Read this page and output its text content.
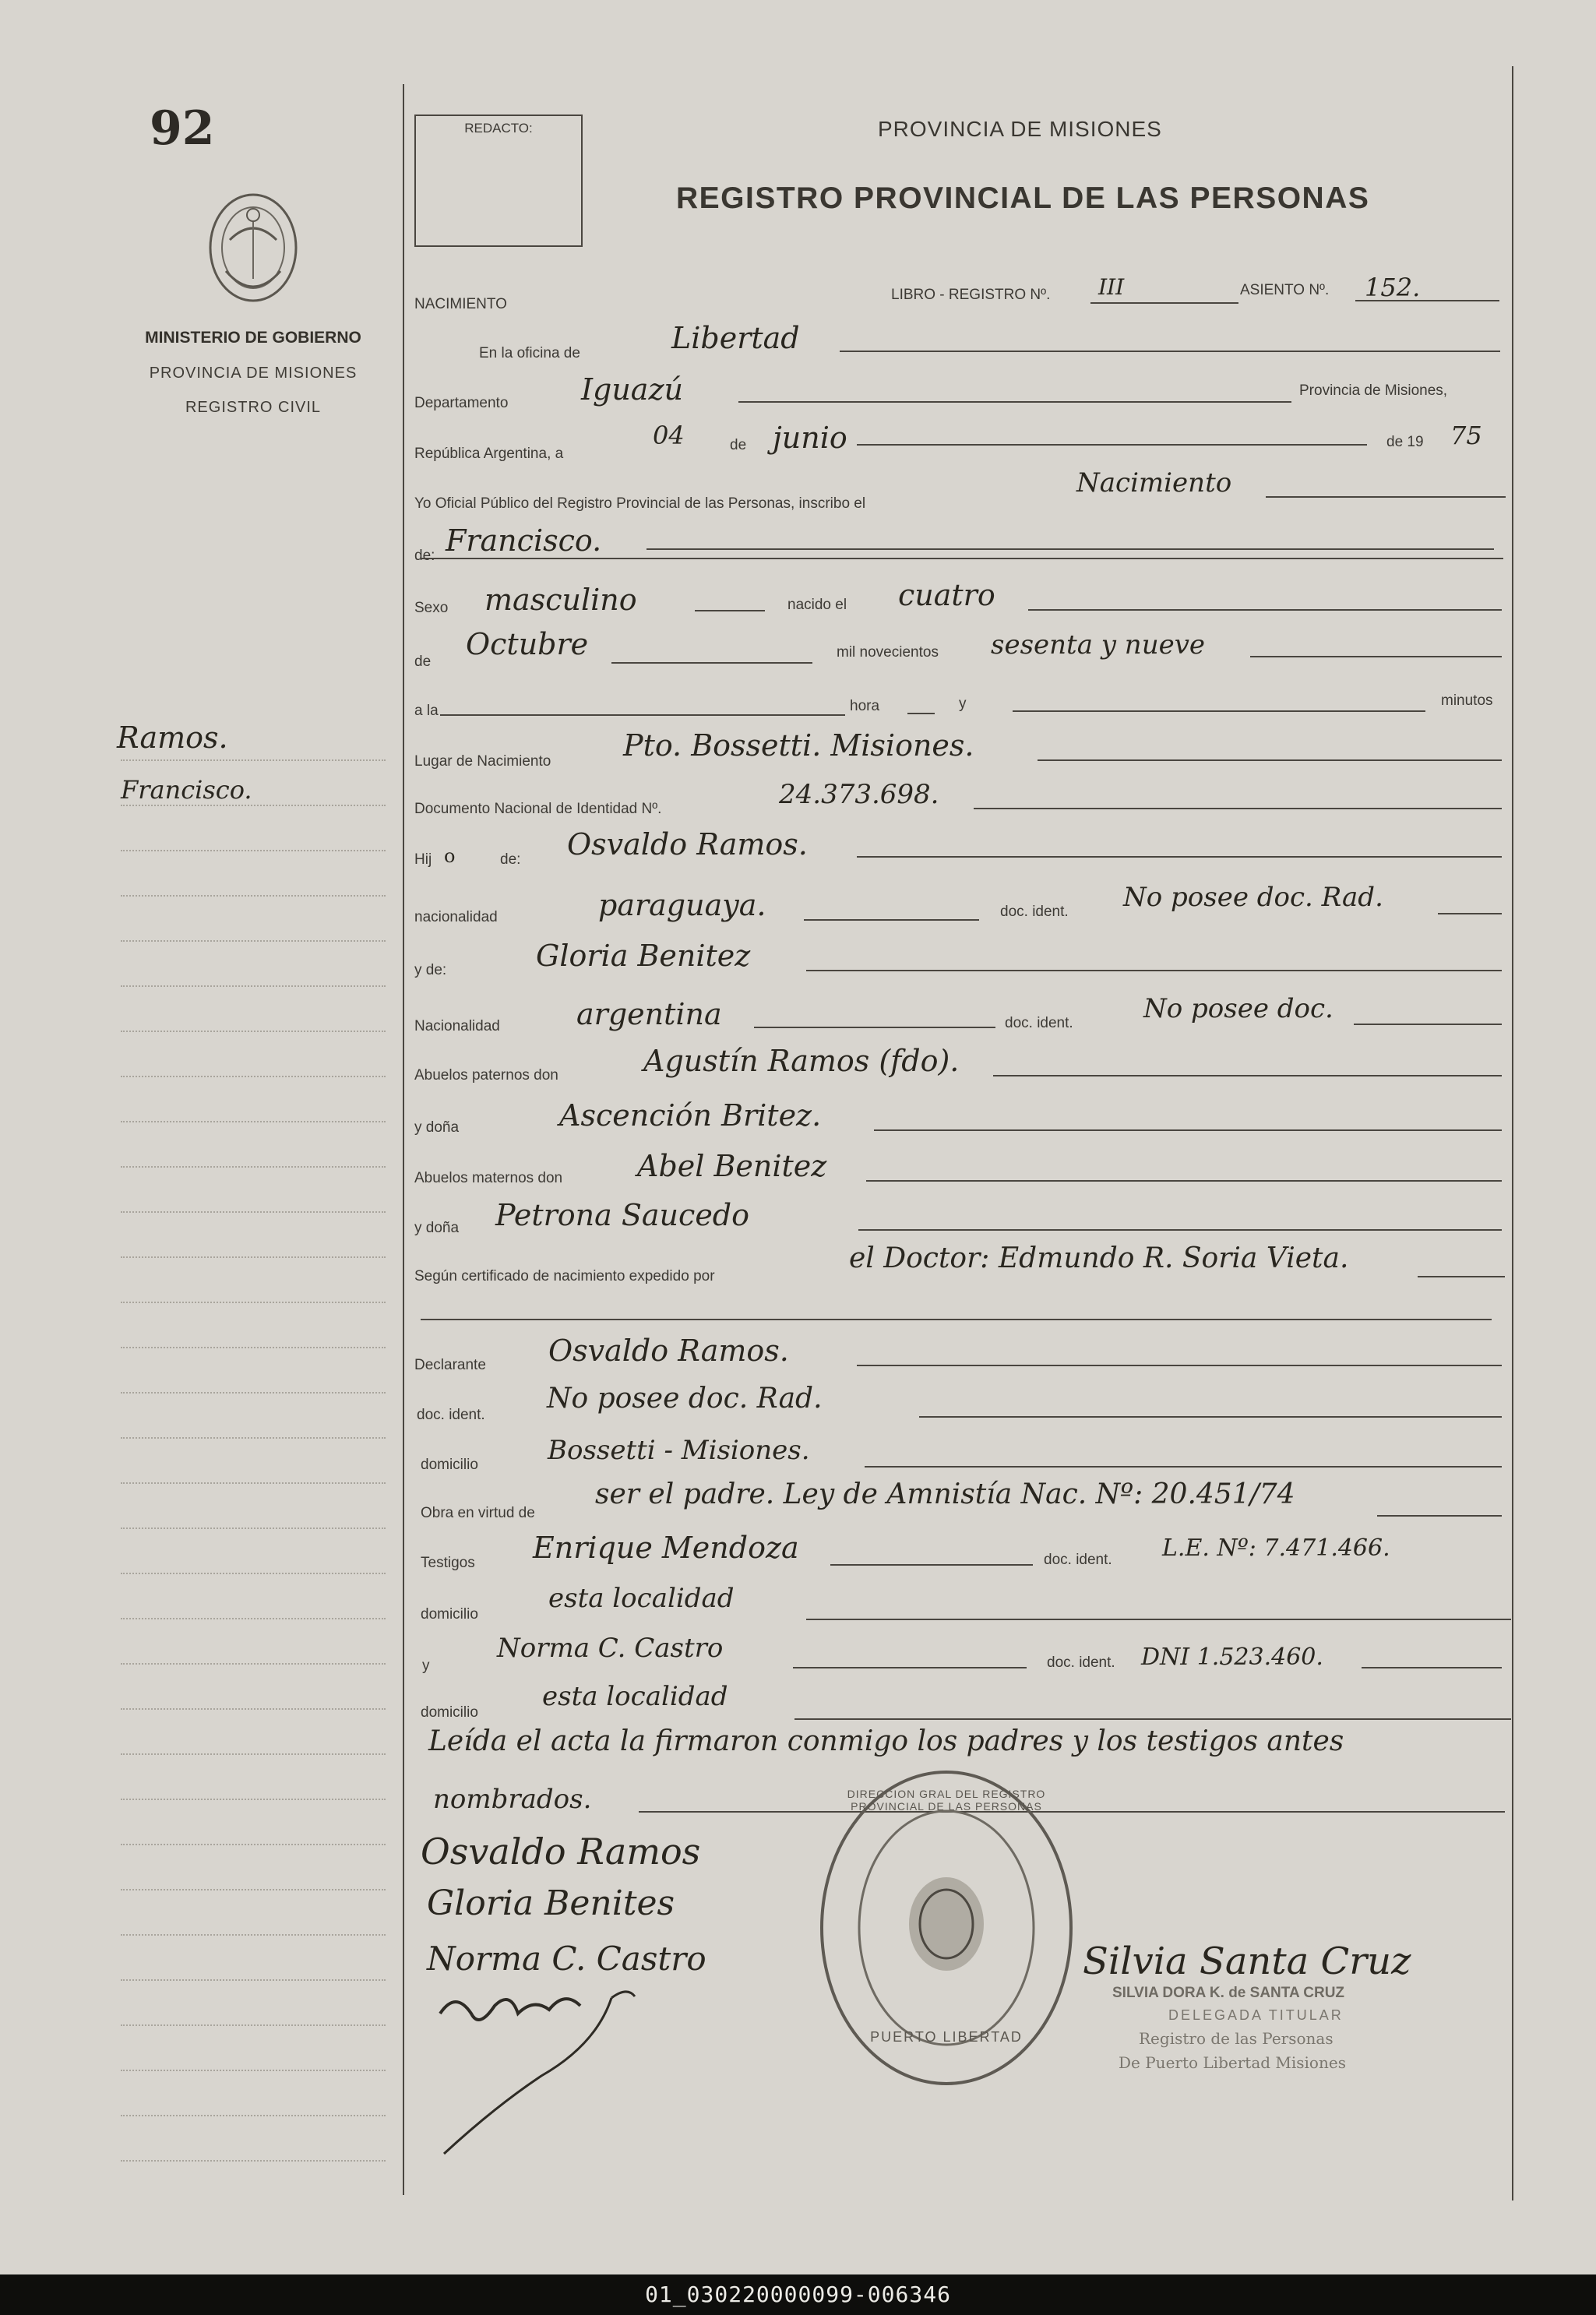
92
MINISTERIO DE GOBIERNO
PROVINCIA DE MISIONES
REGISTRO CIVIL
Ramos.
Francisco.
REDACTO:	PROVINCIA DE MISIONES
REGISTRO PROVINCIAL DE LAS PERSONAS
NACIMIENTO
LIBRO - REGISTRO Nº. III	ASIENTO Nº. 152.
En la oficina de	Libertad
Departamento Iguazú	Provincia de Misiones,
República Argentina, a
04	de junio	de 19 75
Yo Oficial Público del Registro Provincial de las Personas, inscribo el
Nacimiento
de: Francisco.
Sexo masculino	nacido el cuatro
de
Octubre	mil novecientos sesenta y nueve
a la	hora	y	minutos
Lugar de Nacimiento Pto. Bossetti. Misiones.
Documento Nacional de Identidad Nº.	24.373.698.
Hij o	de: Osvaldo Ramos.
nacionalidad	paraguaya.	doc. ident. No posee doc. Rad.
y de:	Gloria Benitez
Nacionalidad	argentina	doc. ident.	No posee doc.
Abuelos paternos don	Agustín Ramos (fdo).
y doña	Ascención Britez.
Abuelos maternos don	Abel Benitez
y doña Petrona Saucedo
Según certificado de nacimiento expedido por
el Doctor: Edmundo R. Soria Vieta.
Declarante Osvaldo Ramos.
doc. ident.
No posee doc. Rad.
domicilio	Bossetti - Misiones.
Obra en virtud de
ser el padre. Ley de Amnistía Nac. Nº: 20.451/74
Testigos Enrique Mendoza	doc. ident. L.E. Nº: 7.471.466.
domicilio
esta localidad
y
Norma C. Castro	doc. ident. DNI 1.523.460.
domicilio
esta localidad
Leída el acta la firmaron conmigo los padres y los testigos antes
nombrados.	DIRECCION GRAL DEL REGISTRO PROVINCIAL DE LAS PERSONAS
PUERTO LIBERTAD
Osvaldo Ramos
Gloria Benites
Norma C. Castro	Silvia Santa Cruz
SILVIA DORA K. de SANTA CRUZ
DELEGADA TITULAR
Registro de las Personas
De Puerto Libertad Misiones
01_030220000099-006346
